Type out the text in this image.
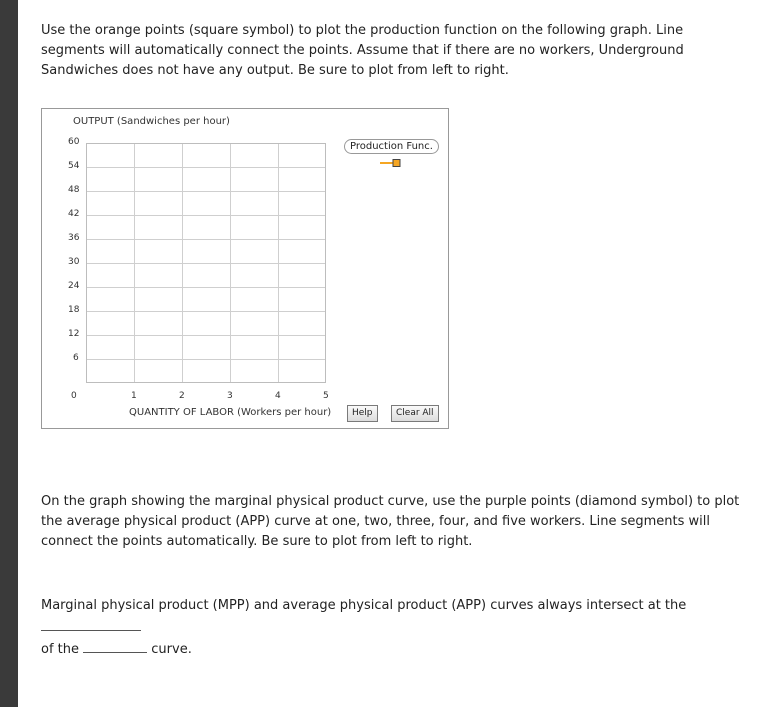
Use the orange points (square symbol) to plot the production function on the following graph. Line segments will automatically connect the points. Assume that if there are no workers, Underground Sandwiches does not have any output. Be sure to plot from left to right.
OUTPUT (Sandwiches per hour)
60
54
48
42
36
30
24
18
12
6
0	1	2	3	4	5
QUANTITY OF LABOR (Workers per hour)
Production Func.
Help	Clear All
On the graph showing the marginal physical product curve, use the purple points (diamond symbol) to plot the average physical product (APP) curve at one, two, three, four, and five workers. Line segments will connect the points automatically. Be sure to plot from left to right.
Marginal physical product (MPP) and average physical product (APP) curves always intersect at the
of the	curve.
